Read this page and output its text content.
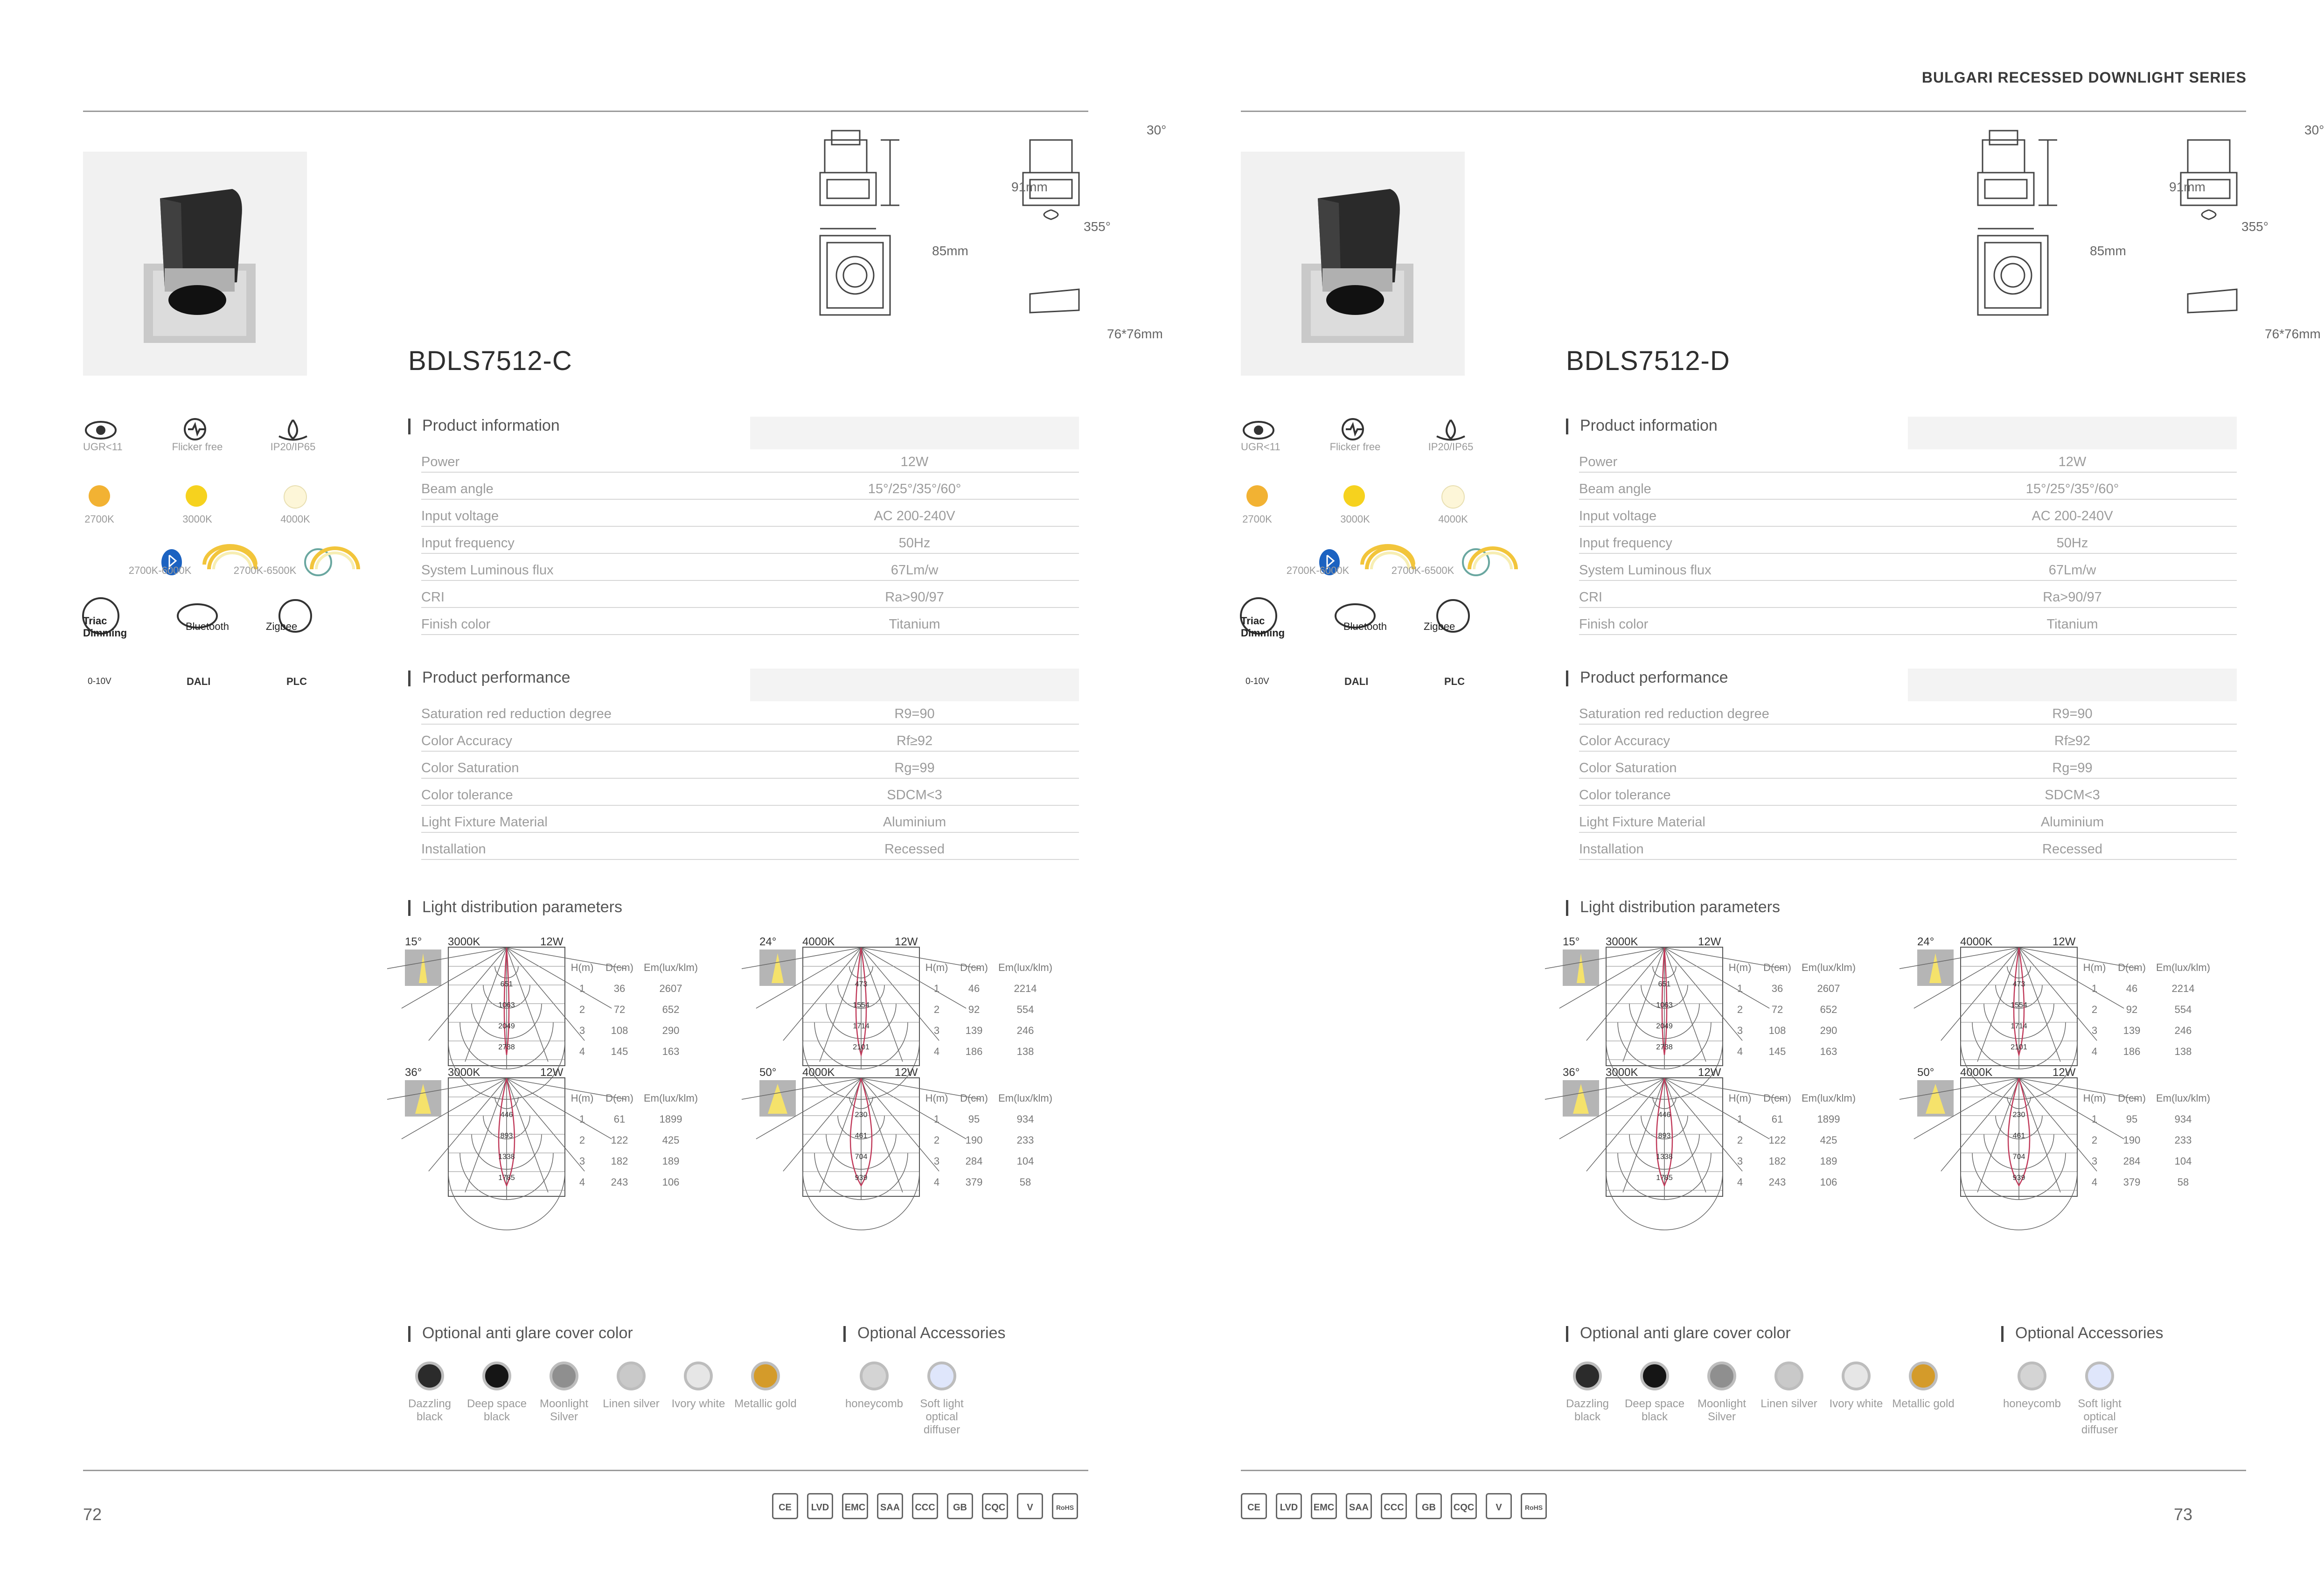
BULGARI RECESSED DOWNLIGHT SERIES
91mm
85mm
30°
355°
76*76mm
BDLS7512-C
UGR<11	Flicker free	IP20/IP65
2700K	3000K	4000K
2700K-6000K	2700K-6500K
Triac Dimming
Bluetooth	Zigbee
0-10V	DALI	PLC
Product information
Power	12W
Beam angle	15°/25°/35°/60°
Input voltage	AC 200-240V
Input frequency	50Hz
System Luminous flux	67Lm/w
CRI	Ra>90/97
Finish color	Titanium
Product performance
Saturation red reduction degree	R9=90
Color Accuracy	Rf≥92
Color Saturation	Rg=99
Color tolerance	SDCM<3
Light Fixture Material	Aluminium
Installation	Recessed
Light distribution parameters
15° 3000K	12W
651
1063
2049
2738
H(m)	D(cm)	Em(lux/klm)
1	36	2607
2	72	652
3	108	290
4	145	163
24° 4000K	12W
473
1554
1714
2101
H(m)	D(cm)	Em(lux/klm)
1	46	2214
2	92	554
3	139	246
4	186	138
36° 3000K	12W
446
893
1338
1785
H(m)	D(cm)	Em(lux/klm)
1	61	1899
2	122	425
3	182	189
4	243	106
50° 4000K	12W
230
461
704
939
H(m)	D(cm)	Em(lux/klm)
1	95	934
2	190	233
3	284	104
4	379	58
Optional anti glare cover color	Optional Accessories
Dazzling black
Deep space black
Moonlight Silver
Linen silver	Ivory white Metallic gold	honeycomb	Soft light optical diffuser
CE	LVD	EMC	SAA	CCC	GB	CQC	V	RoHS
72
91mm
85mm
30°
355°
76*76mm
BDLS7512-D
UGR<11	Flicker free	IP20/IP65
2700K	3000K	4000K
2700K-6000K	2700K-6500K
Triac Dimming
Bluetooth	Zigbee
0-10V	DALI	PLC
Product information
Power	12W
Beam angle	15°/25°/35°/60°
Input voltage	AC 200-240V
Input frequency	50Hz
System Luminous flux	67Lm/w
CRI	Ra>90/97
Finish color	Titanium
Product performance
Saturation red reduction degree	R9=90
Color Accuracy	Rf≥92
Color Saturation	Rg=99
Color tolerance	SDCM<3
Light Fixture Material	Aluminium
Installation	Recessed
Light distribution parameters
15° 3000K	12W
651
1063
2049
2738
H(m)	D(cm)	Em(lux/klm)
1	36	2607
2	72	652
3	108	290
4	145	163
24° 4000K	12W
473
1554
1714
2101
H(m)	D(cm)	Em(lux/klm)
1	46	2214
2	92	554
3	139	246
4	186	138
36° 3000K	12W
446
893
1338
1785
H(m)	D(cm)	Em(lux/klm)
1	61	1899
2	122	425
3	182	189
4	243	106
50° 4000K	12W
230
461
704
939
H(m)	D(cm)	Em(lux/klm)
1	95	934
2	190	233
3	284	104
4	379	58
Optional anti glare cover color	Optional Accessories
Dazzling black
Deep space black
Moonlight Silver
Linen silver	Ivory white Metallic gold	honeycomb	Soft light optical diffuser
CE	LVD	EMC	SAA	CCC	GB	CQC	V	RoHS	73
